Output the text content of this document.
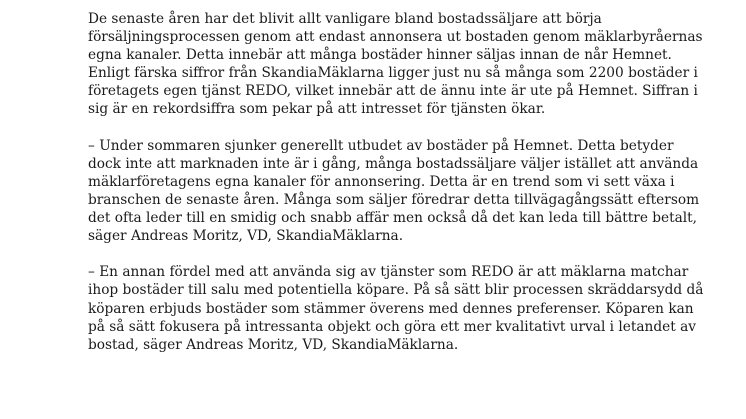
De senaste åren har det blivit allt vanligare bland bostadssäljare att börja försäljningsprocessen genom att endast annonsera ut bostaden genom mäklarbyråernas egna kanaler. Detta innebär att många bostäder hinner säljas innan de når Hemnet. Enligt färska siffror från SkandiaMäklarna ligger just nu så många som 2200 bostäder i företagets egen tjänst REDO, vilket innebär att de ännu inte är ute på Hemnet. Siffran i sig är en rekordsiffra som pekar på att intresset för tjänsten ökar.

– Under sommaren sjunker generellt utbudet av bostäder på Hemnet. Detta betyder dock inte att marknaden inte är i gång, många bostadssäljare väljer istället att använda mäklarföretagens egna kanaler för annonsering. Detta är en trend som vi sett växa i branschen de senaste åren. Många som säljer föredrar detta tillvägagångssätt eftersom det ofta leder till en smidig och snabb affär men också då det kan leda till bättre betalt, säger Andreas Moritz, VD, SkandiaMäklarna.

– En annan fördel med att använda sig av tjänster som REDO är att mäklarna matchar ihop bostäder till salu med potentiella köpare. På så sätt blir processen skräddarsydd då köparen erbjuds bostäder som stämmer överens med dennes preferenser. Köparen kan på så sätt fokusera på intressanta objekt och göra ett mer kvalitativt urval i letandet av bostad, säger Andreas Moritz, VD, SkandiaMäklarna.
